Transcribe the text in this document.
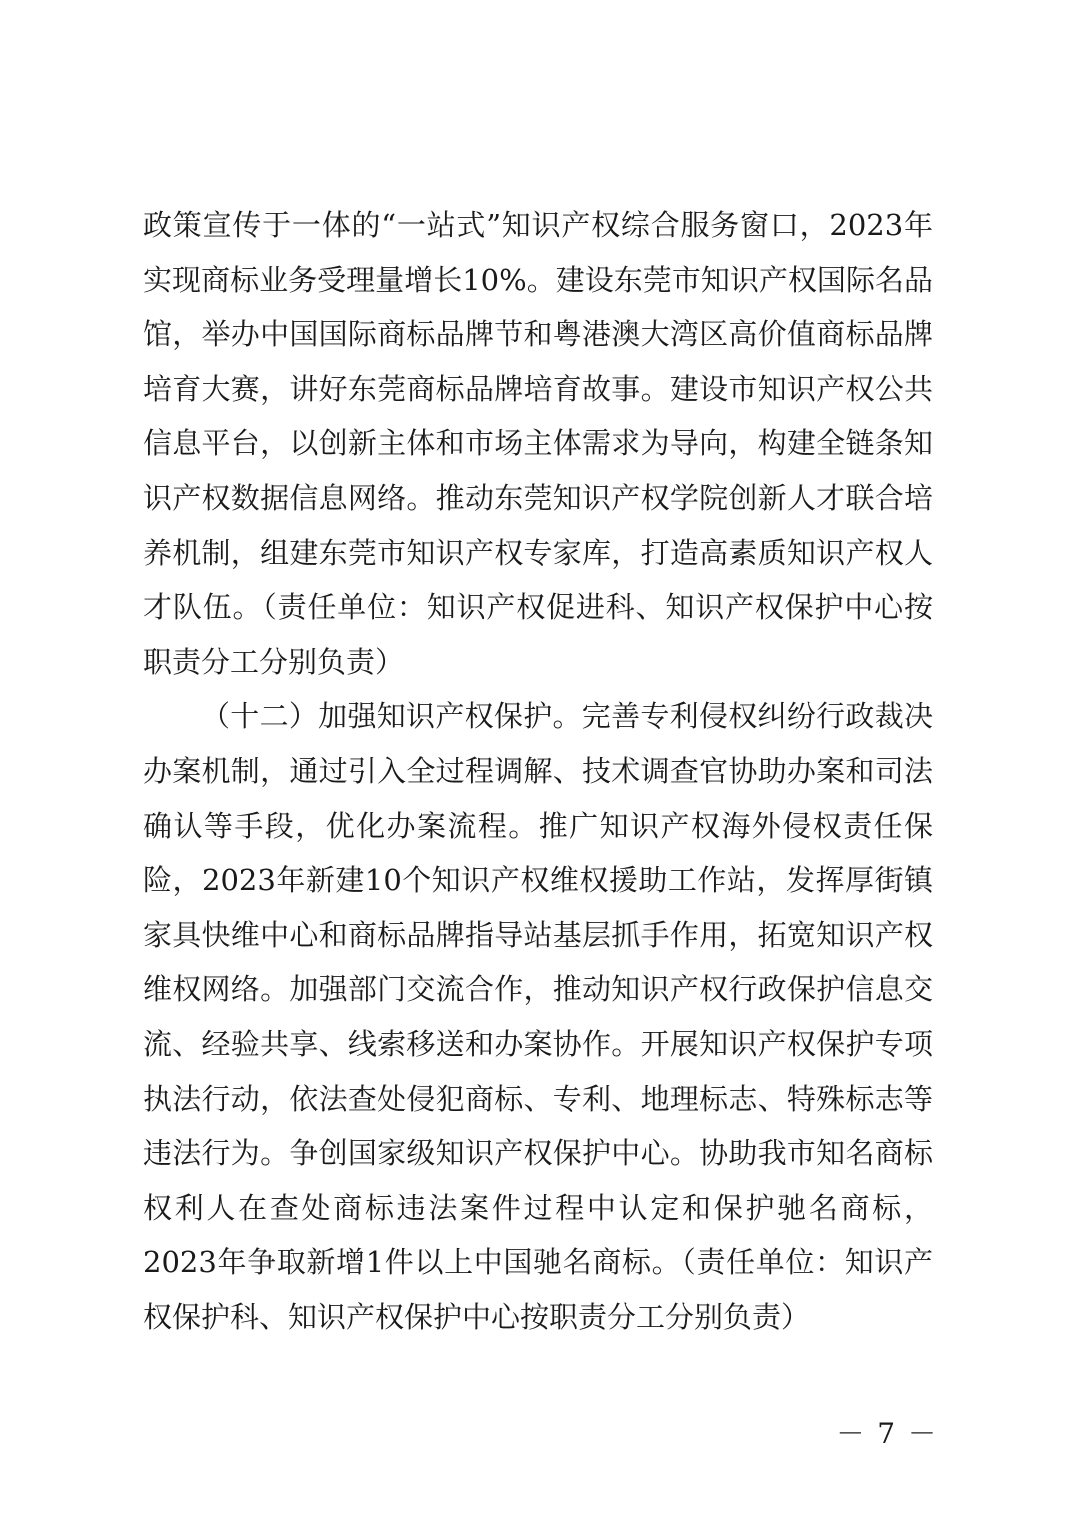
政策宣传于一体的“一站式”知识产权综合服务窗口，2023年实现商标业务受理量增长10%。建设东莞市知识产权国际名品馆，举办中国国际商标品牌节和粤港澳大湾区高价值商标品牌培育大赛，讲好东莞商标品牌培育故事。建设市知识产权公共信息平台，以创新主体和市场主体需求为导向，构建全链条知识产权数据信息网络。推动东莞知识产权学院创新人才联合培养机制，组建东莞市知识产权专家库，打造高素质知识产权人才队伍。（责任单位：知识产权促进科、知识产权保护中心按职责分工分别负责）

（十二）加强知识产权保护。完善专利侵权纠纷行政裁决办案机制，通过引入全过程调解、技术调查官协助办案和司法确认等手段，优化办案流程。推广知识产权海外侵权责任保险，2023年新建10个知识产权维权援助工作站，发挥厚街镇家具快维中心和商标品牌指导站基层抓手作用，拓宽知识产权维权网络。加强部门交流合作，推动知识产权行政保护信息交流、经验共享、线索移送和办案协作。开展知识产权保护专项执法行动，依法查处侵犯商标、专利、地理标志、特殊标志等违法行为。争创国家级知识产权保护中心。协助我市知名商标权利人在查处商标违法案件过程中认定和保护驰名商标，2023年争取新增1件以上中国驰名商标。（责任单位：知识产权保护科、知识产权保护中心按职责分工分别负责）

－ 7 －
